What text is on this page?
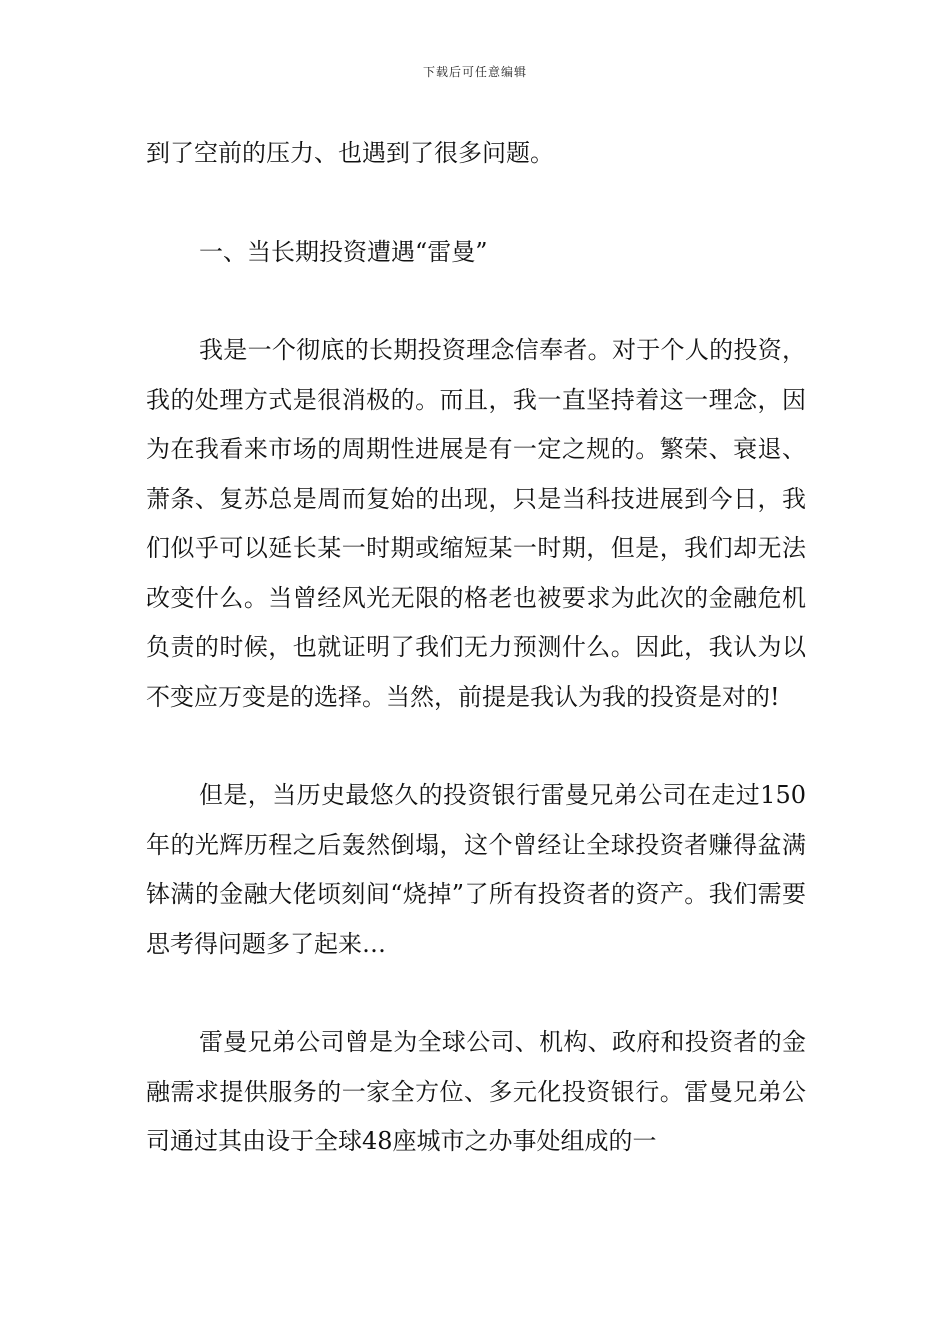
下载后可任意编辑

到了空前的压力、也遇到了很多问题。

一、当长期投资遭遇“雷曼”

我是一个彻底的长期投资理念信奉者。对于个人的投资，我的处理方式是很消极的。而且，我一直坚持着这一理念，因为在我看来市场的周期性进展是有一定之规的。繁荣、衰退、萧条、复苏总是周而复始的出现，只是当科技进展到今日，我们似乎可以延长某一时期或缩短某一时期，但是，我们却无法改变什么。当曾经风光无限的格老也被要求为此次的金融危机负责的时候，也就证明了我们无力预测什么。因此，我认为以不变应万变是的选择。当然，前提是我认为我的投资是对的!

但是，当历史最悠久的投资银行雷曼兄弟公司在走过150年的光辉历程之后轰然倒塌，这个曾经让全球投资者赚得盆满钵满的金融大佬顷刻间“烧掉”了所有投资者的资产。我们需要思考得问题多了起来…

雷曼兄弟公司曾是为全球公司、机构、政府和投资者的金融需求提供服务的一家全方位、多元化投资银行。雷曼兄弟公司通过其由设于全球48座城市之办事处组成的一
